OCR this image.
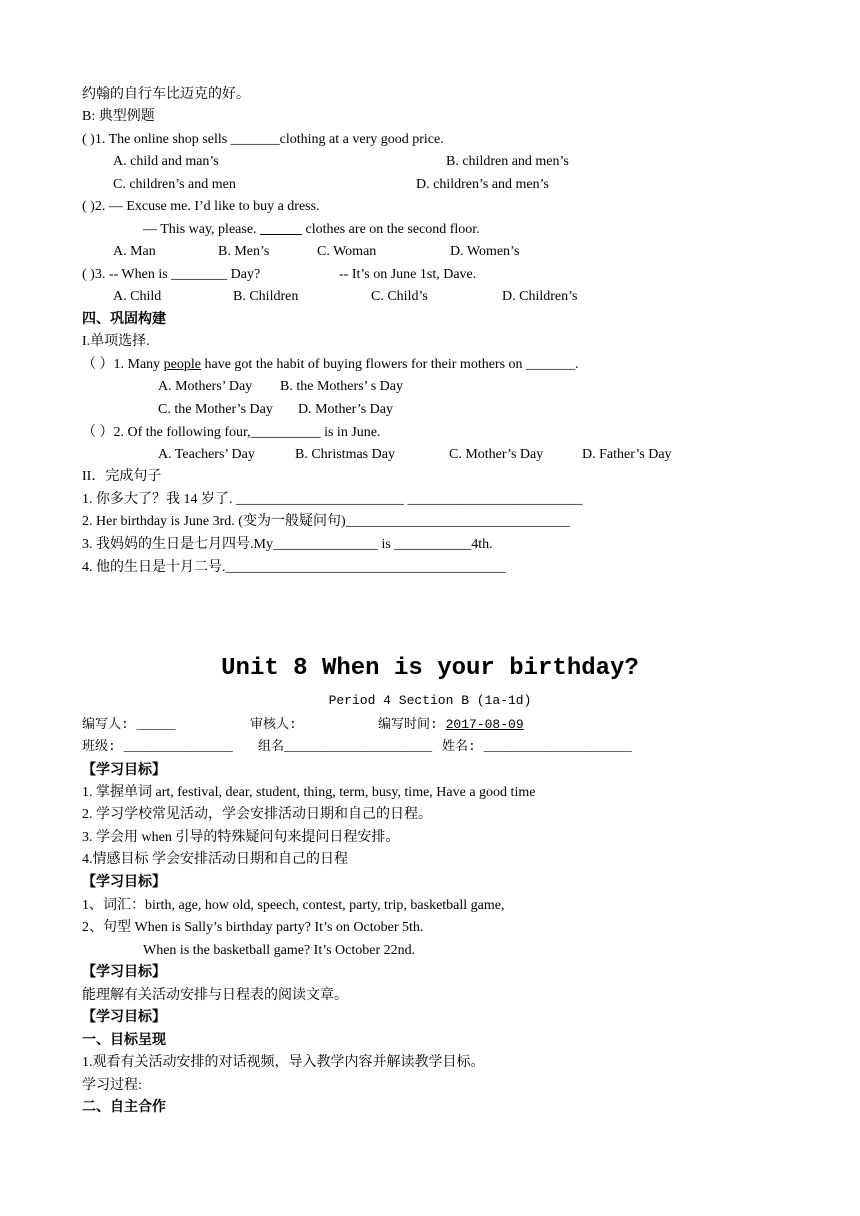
约翰的自行车比迈克的好。
B: 典型例题
( )1. The online shop sells _______clothing at a very good price.
A. child and man’s	B. children and men’s
C. children’s and men	D. children’s and men’s
( )2. — Excuse me. I’d like to buy a dress.
— This way, please. ______ clothes are on the second floor.
A. Man	B. Men’s	C. Woman	D. Women’s
( )3. -- When is ________ Day?	-- It’s on June 1st, Dave.
A. Child	B. Children	C. Child’s	D. Children’s
四、巩固构建
I.单项选择.
（ ）1. Many people have got the habit of buying flowers for their mothers on _______.
A. Mothers’ Day B. the Mothers’ s Day
C. the Mother’s Day D. Mother’s Day
（ ）2. Of the following four,__________ is in June.
A. Teachers’ Day	B. Christmas Day	C. Mother’s Day	D. Father’s Day
II．完成句子
1. 你多大了？我 14 岁了. ________________________ _________________________
2. Her birthday is June 3rd. (变为一般疑问句)________________________________
3. 我妈妈的生日是七月四号.My_______________ is ___________4th.
4. 他的生日是十月二号.________________________________________
Unit 8 When is your birthday?
Period 4 Section B (1a-1d)
编写人: _____	审核人:	编写时间: 2017-08-09
班级: ______________ 组名___________________ 姓名: ___________________
【学习目标】
1. 掌握单词 art, festival, dear, student, thing, term, busy, time, Have a good time
2. 学习学校常见活动，学会安排活动日期和自己的日程。
3. 学会用 when 引导的特殊疑问句来提问日程安排。
4.情感目标 学会安排活动日期和自己的日程
【学习目标】
1、词汇：birth, age, how old, speech, contest, party, trip, basketball game,
2、句型 When is Sally’s birthday party? It’s on October 5th.
When is the basketball game? It’s October 22nd.
【学习目标】
能理解有关活动安排与日程表的阅读文章。
【学习目标】
一、目标呈现
1.观看有关活动安排的对话视频，导入教学内容并解读教学目标。
学习过程:
二、自主合作
